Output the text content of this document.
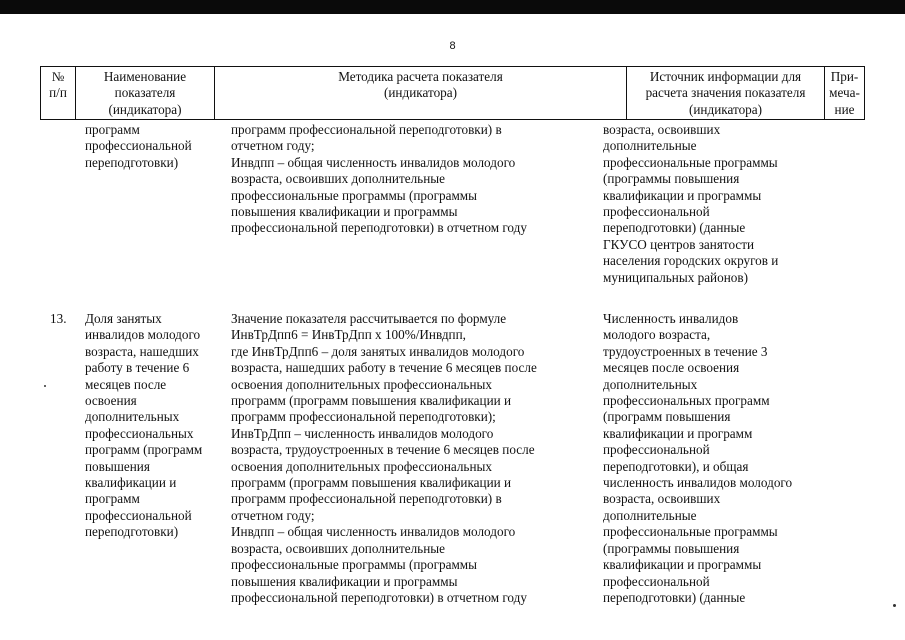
8
№
п/п
Наименование
показателя
(индикатора)
Методика расчета показателя
(индикатора)
Источник информации для
расчета значения показателя
(индикатора)
При-
меча-
ние
программ
профессиональной
переподготовки)
программ профессиональной переподготовки) в
отчетном году;
Инвдпп – общая численность инвалидов молодого
возраста, освоивших дополнительные
профессиональные программы (программы
повышения квалификации и программы
профессиональной переподготовки) в отчетном году
возраста, освоивших
дополнительные
профессиональные программы
(программы повышения
квалификации и программы
профессиональной
переподготовки) (данные
ГКУСО центров занятости
населения городских округов и
муниципальных районов)
13.	Доля занятых
инвалидов молодого
возраста, нашедших
работу в течение 6
месяцев после
освоения
дополнительных
профессиональных
программ (программ
повышения
квалификации и
программ
профессиональной
переподготовки)
Значение показателя рассчитывается по формуле
ИнвТрДпп6 = ИнвТрДпп х 100%/Инвдпп,
где ИнвТрДпп6 – доля занятых инвалидов молодого
возраста, нашедших работу в течение 6 месяцев после
освоения дополнительных профессиональных
программ (программ повышения квалификации и
программ профессиональной переподготовки);
ИнвТрДпп – численность инвалидов молодого
возраста, трудоустроенных в течение 6 месяцев после
освоения дополнительных профессиональных
программ (программ повышения квалификации и
программ профессиональной переподготовки) в
отчетном году;
Инвдпп – общая численность инвалидов молодого
возраста, освоивших дополнительные
профессиональные программы (программы
повышения квалификации и программы
профессиональной переподготовки) в отчетном году
Численность инвалидов
молодого возраста,
трудоустроенных в течение 3
месяцев после освоения
дополнительных
профессиональных программ
(программ повышения
квалификации и программ
профессиональной
переподготовки), и общая
численность инвалидов молодого
возраста, освоивших
дополнительные
профессиональные программы
(программы повышения
квалификации и программы
профессиональной
переподготовки) (данные
